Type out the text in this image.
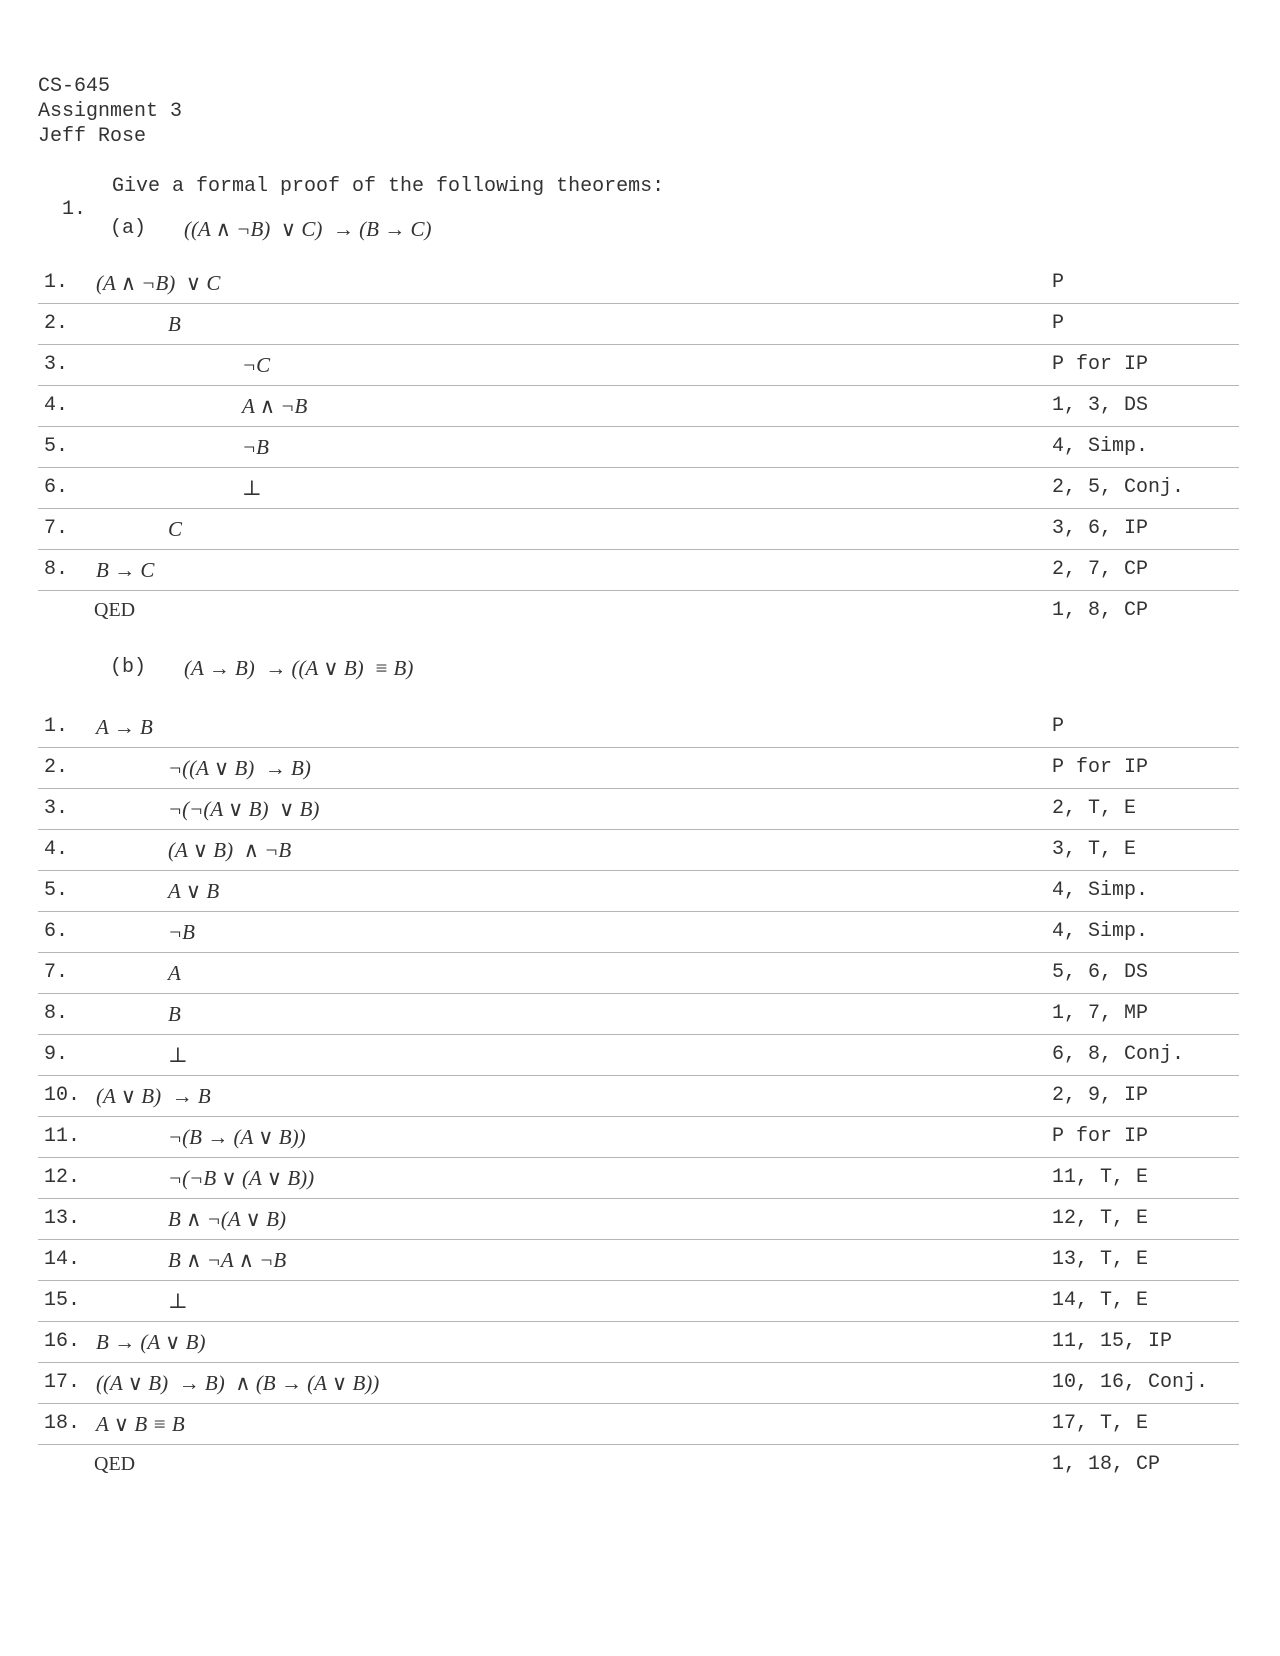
CS-645
Assignment 3
Jeff Rose

1.

Give a formal proof of the following theorems:

(a)

((A ∧ ¬B)  ∨ C)  → (B → C)

1. (A ∧ ¬B)  ∨ C	P
2.	B	P
3.	¬C	P for IP
4.	A ∧ ¬B	1, 3, DS
5.	¬B	4, Simp.
6.	⊥	2, 5, Conj.
7.	C	3, 6, IP
8. B → C	2, 7, CP
QED	1, 8, CP

(b)

(A → B)  → ((A ∨ B)  ≡ B)

1. A → B	P
2.	¬((A ∨ B)  → B)	P for IP
3.	¬(¬(A ∨ B)  ∨ B)	2, T, E
4.	(A ∨ B)  ∧ ¬B	3, T, E
5.	A ∨ B	4, Simp.
6.	¬B	4, Simp.
7.	A	5, 6, DS
8.	B	1, 7, MP
9.	⊥	6, 8, Conj.
10. (A ∨ B)  → B	2, 9, IP
11.	¬(B → (A ∨ B))	P for IP
12.	¬(¬B ∨ (A ∨ B))	11, T, E
13.	B ∧ ¬(A ∨ B)	12, T, E
14.	B ∧ ¬A ∧ ¬B	13, T, E
15.	⊥	14, T, E
16. B → (A ∨ B)	11, 15, IP
17. ((A ∨ B)  → B)  ∧ (B → (A ∨ B))	10, 16, Conj.
18. A ∨ B ≡ B	17, T, E
QED	1, 18, CP
